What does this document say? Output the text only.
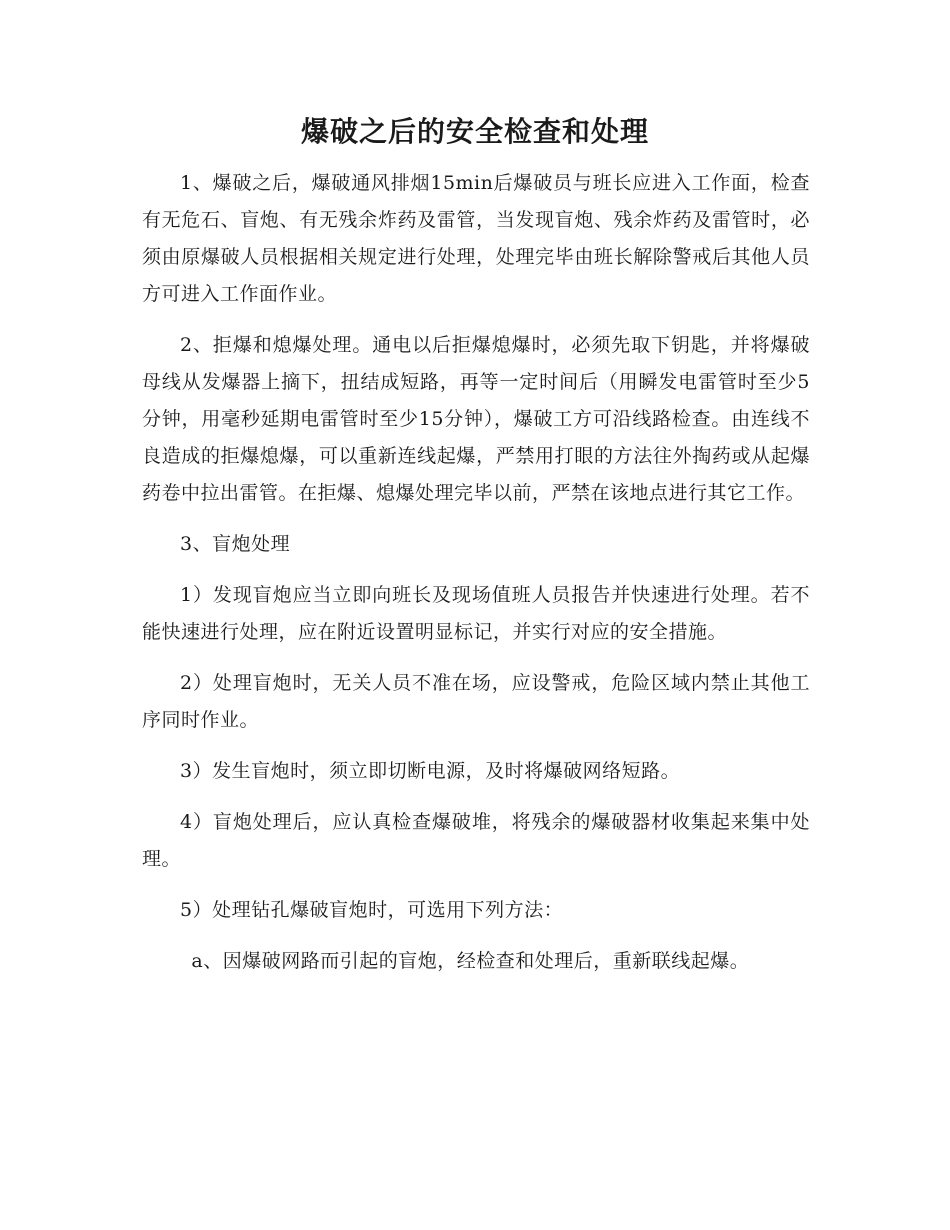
爆破之后的安全检查和处理

1、爆破之后，爆破通风排烟15min后爆破员与班长应进入工作面，检查有无危石、盲炮、有无残余炸药及雷管，当发现盲炮、残余炸药及雷管时，必须由原爆破人员根据相关规定进行处理，处理完毕由班长解除警戒后其他人员方可进入工作面作业。

2、拒爆和熄爆处理。通电以后拒爆熄爆时，必须先取下钥匙，并将爆破母线从发爆器上摘下，扭结成短路，再等一定时间后（用瞬发电雷管时至少5分钟，用毫秒延期电雷管时至少15分钟），爆破工方可沿线路检查。由连线不良造成的拒爆熄爆，可以重新连线起爆，严禁用打眼的方法往外掏药或从起爆药卷中拉出雷管。在拒爆、熄爆处理完毕以前，严禁在该地点进行其它工作。

3、盲炮处理

1）发现盲炮应当立即向班长及现场值班人员报告并快速进行处理。若不能快速进行处理，应在附近设置明显标记，并实行对应的安全措施。

2）处理盲炮时，无关人员不准在场，应设警戒，危险区域内禁止其他工序同时作业。

3）发生盲炮时，须立即切断电源，及时将爆破网络短路。

4）盲炮处理后，应认真检查爆破堆，将残余的爆破器材收集起来集中处理。

5）处理钻孔爆破盲炮时，可选用下列方法：

a、因爆破网路而引起的盲炮，经检查和处理后，重新联线起爆。
